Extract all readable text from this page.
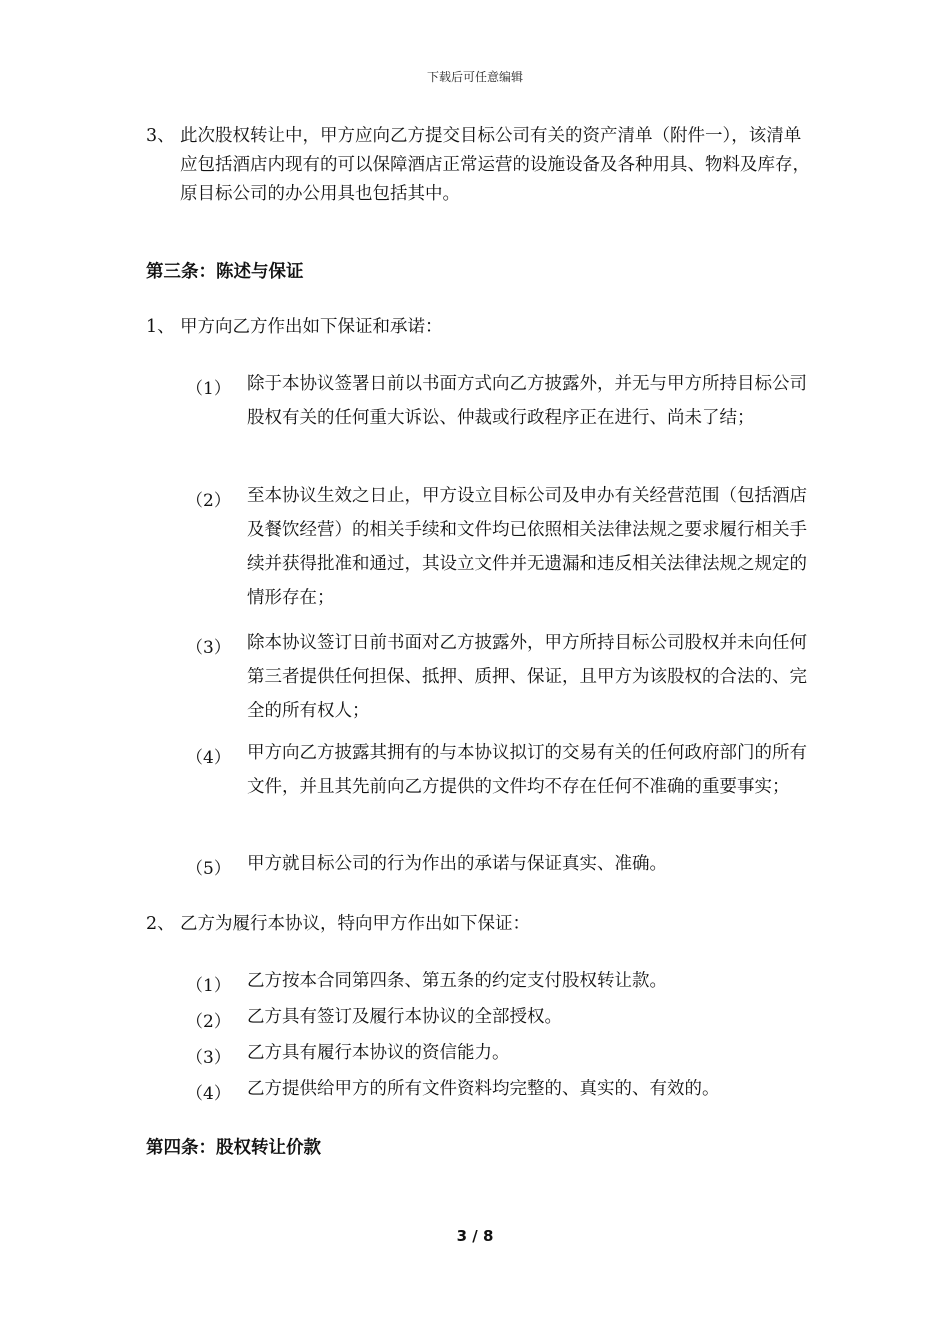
下载后可任意编辑
3、 此次股权转让中，甲方应向乙方提交目标公司有关的资产清单（附件一），该清单应包括酒店内现有的可以保障酒店正常运营的设施设备及各种用具、物料及库存，原目标公司的办公用具也包括其中。
第三条：陈述与保证
1、 甲方向乙方作出如下保证和承诺：
（1） 除于本协议签署日前以书面方式向乙方披露外，并无与甲方所持目标公司股权有关的任何重大诉讼、仲裁或行政程序正在进行、尚未了结；
（2） 至本协议生效之日止，甲方设立目标公司及申办有关经营范围（包括酒店及餐饮经营）的相关手续和文件均已依照相关法律法规之要求履行相关手续并获得批准和通过，其设立文件并无遗漏和违反相关法律法规之规定的情形存在；
（3） 除本协议签订日前书面对乙方披露外，甲方所持目标公司股权并未向任何第三者提供任何担保、抵押、质押、保证，且甲方为该股权的合法的、完全的所有权人；
（4） 甲方向乙方披露其拥有的与本协议拟订的交易有关的任何政府部门的所有文件，并且其先前向乙方提供的文件均不存在任何不准确的重要事实；
（5） 甲方就目标公司的行为作出的承诺与保证真实、准确。
2、 乙方为履行本协议，特向甲方作出如下保证：
（1） 乙方按本合同第四条、第五条的约定支付股权转让款。
（2） 乙方具有签订及履行本协议的全部授权。
（3） 乙方具有履行本协议的资信能力。
（4） 乙方提供给甲方的所有文件资料均完整的、真实的、有效的。
第四条：股权转让价款
3 / 8
